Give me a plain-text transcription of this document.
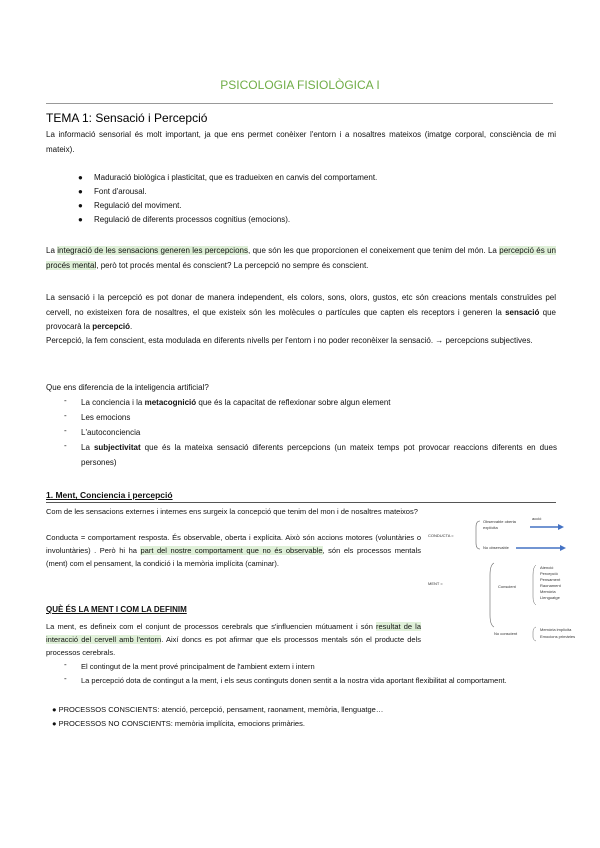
PSICOLOGIA FISIOLÒGICA I
TEMA 1: Sensació i Percepció
La informació sensorial és molt important, ja que ens permet conèixer l'entorn i a nosaltres mateixos (imatge corporal, consciència de mi mateix).
● Maduració biològica i plasticitat, que es tradueixen en canvis del comportament.
● Font d'arousal.
● Regulació del moviment.
● Regulació de diferents processos cognitius (emocions).
La integració de les sensacions generen les percepcions, que són les que proporcionen el coneixement que tenim del món. La percepció és un procés mental, però tot procés mental és conscient? La percepció no sempre és conscient.
La sensació i la percepció es pot donar de manera independent, els colors, sons, olors, gustos, etc són creacions mentals construïdes pel cervell, no existeixen fora de nosaltres, el que existeix són les molècules o partícules que capten els receptors i generen la sensació que provocarà la percepció.
Percepció, la fem conscient, esta modulada en diferents nivells per l'entorn i no poder reconèixer la sensació. → percepcions subjectives.
Que ens diferencia de la inteligencia artificial?
- La conciencia i la metacognició que és la capacitat de reflexionar sobre algun element
- Les emocions
- L'autoconciencia
- La subjectivitat que és la mateixa sensació diferents percepcions (un mateix temps pot provocar reaccions diferents en dues persones)
1. Ment, Conciencia i percepció
Com de les sensacions externes i internes ens surgeix la concepció que tenim del mon i de nosaltres mateixos?
Conducta = comportament resposta. És observable, oberta i explícita. Això són accions motores (voluntàries o involuntàries) . Però hi ha part del nostre comportament que no és observable, són els processos mentals (ment) com el pensament, la condició i la memòria implícita (caminar).
QUÈ ÉS LA MENT I COM LA DEFINIM
La ment, es defineix com el conjunt de processos cerebrals que s'influencien mútuament i són resultat de la interacció del cervell amb l'entorn. Així doncs es pot afirmar que els processos mentals són el producte dels processos cerebrals.
- El contingut de la ment prové principalment de l'ambient extern i intern
- La percepció dota de contingut a la ment, i els seus continguts donen sentit a la nostra vida aportant flexibilitat al comportament.
● PROCESSOS CONSCIENTS: atenció, percepció, pensament, raonament, memòria, llenguatge…
● PROCESSOS NO CONSCIENTS: memòria implícita, emocions primàries.
CONDUCTA =
Observable oberta explícita
acció
No observable
MENT =
Conscient
Atenció
Percepció
Pensament
Raonament
Memòria
Llenguatge
No conscient
Memòria implícita
Emocions primàries
